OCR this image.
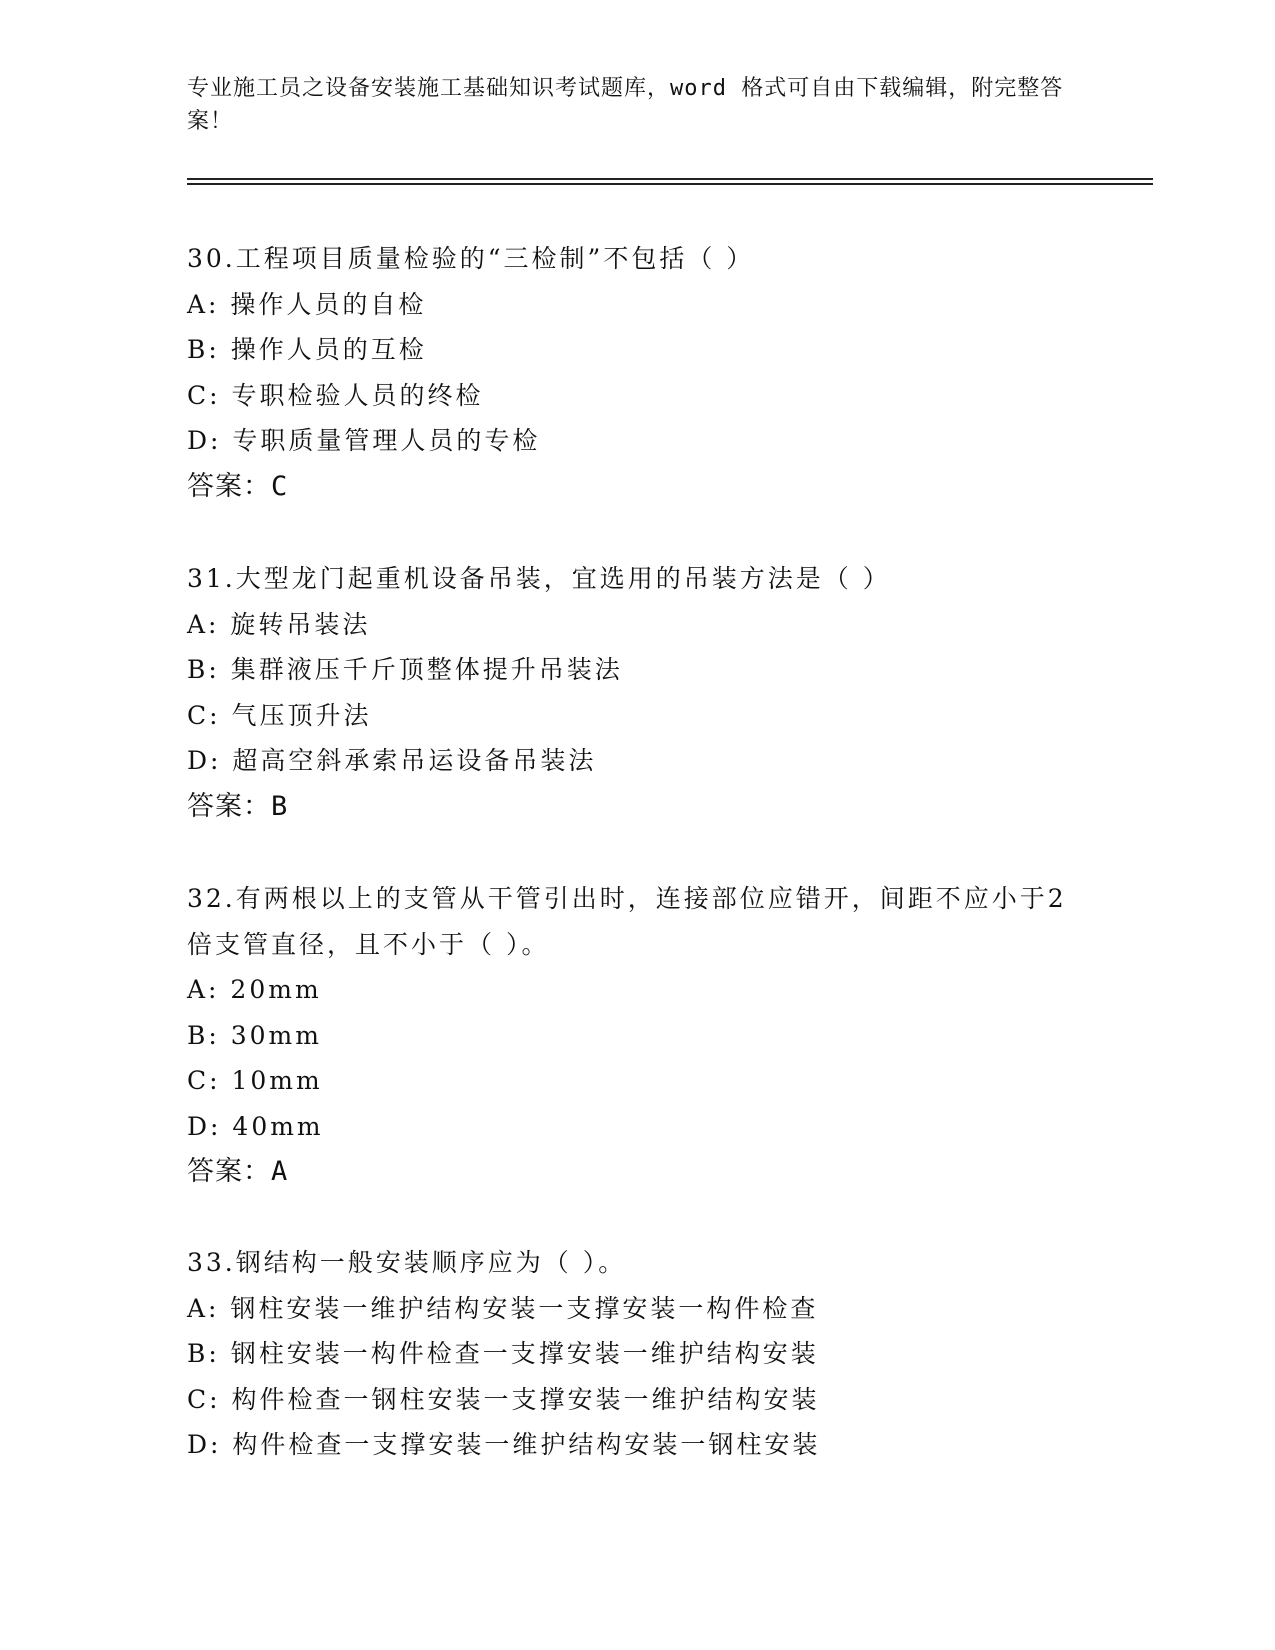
专业施工员之设备安装施工基础知识考试题库，word 格式可自由下载编辑，附完整答案！
30.工程项目质量检验的“三检制”不包括（ ）
A: 操作人员的自检
B: 操作人员的互检
C: 专职检验人员的终检
D: 专职质量管理人员的专检
答案：C
31.大型龙门起重机设备吊装，宜选用的吊装方法是（ ）
A: 旋转吊装法
B: 集群液压千斤顶整体提升吊装法
C: 气压顶升法
D: 超高空斜承索吊运设备吊装法
答案：B
32.有两根以上的支管从干管引出时，连接部位应错开，间距不应小于2 倍支管直径，且不小于（ ）。
A: 20mm
B: 30mm
C: 10mm
D: 40mm
答案：A
33.钢结构一般安装顺序应为（ ）。
A: 钢柱安装一维护结构安装一支撑安装一构件检查
B: 钢柱安装一构件检查一支撑安装一维护结构安装
C: 构件检查一钢柱安装一支撑安装一维护结构安装
D: 构件检查一支撑安装一维护结构安装一钢柱安装
